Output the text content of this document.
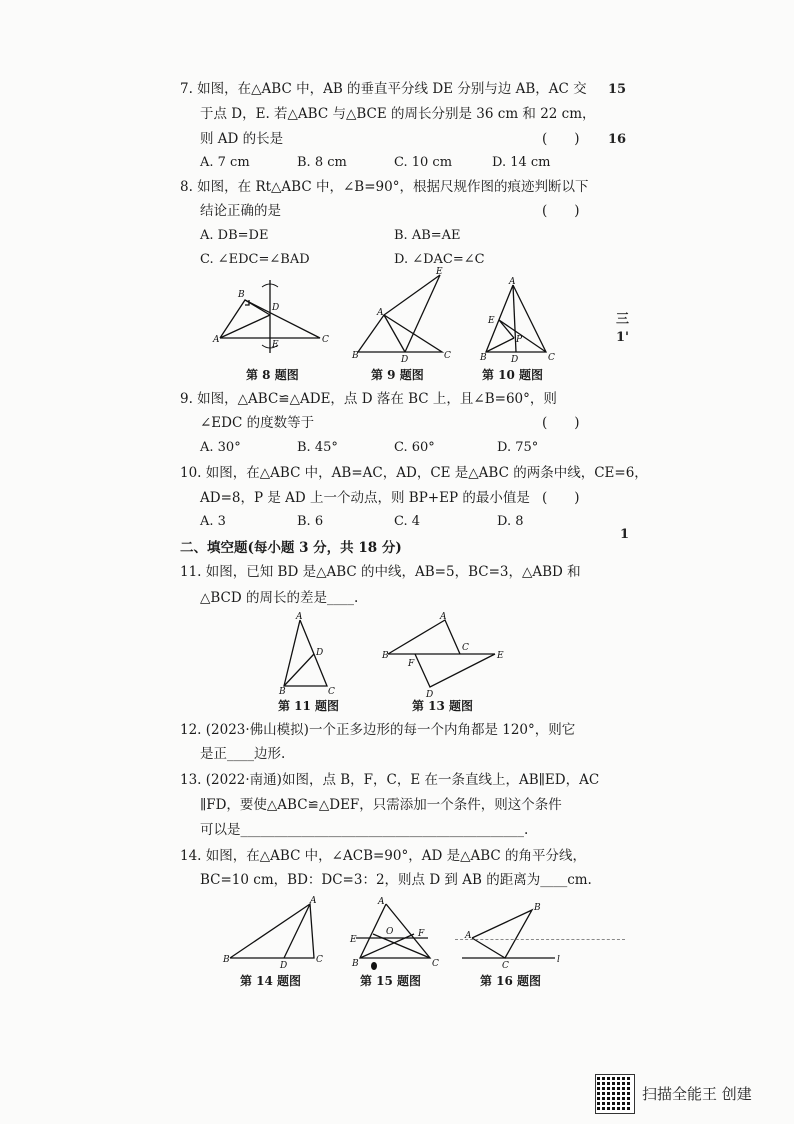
7. 如图，在△ABC 中，AB 的垂直平分线 DE 分别与边 AB，AC 交
于点 D，E. 若△ABC 与△BCE 的周长分别是 36 cm 和 22 cm，
则 AD 的长是	(　　)
A. 7 cm	B. 8 cm	C. 10 cm	D. 14 cm
8. 如图，在 Rt△ABC 中，∠B=90°，根据尺规作图的痕迹判断以下
结论正确的是	(　　)
A. DB=DE	B. AB=AE
C. ∠EDC=∠BAD	D. ∠DAC=∠C
B
D
A	C
E
第 8 题图
A
E
B	D	C
第 9 题图
A
E
P
B	D	C
第 10 题图
9. 如图，△ABC≌△ADE，点 D 落在 BC 上，且∠B=60°，则
∠EDC 的度数等于	(　　)
A. 30°	B. 45°	C. 60°	D. 75°
10. 如图，在△ABC 中，AB=AC，AD，CE 是△ABC 的两条中线，CE=6，
AD=8，P 是 AD 上一个动点，则 BP+EP 的最小值是 (　　)
A. 3	B. 6	C. 4	D. 8
二、填空题(每小题 3 分，共 18 分)
11. 如图，已知 BD 是△ABC 的中线，AB=5，BC=3，△ABD 和
△BCD 的周长的差是____.
A
D
B	C
第 11 题图
A
B
F
C
E
D
第 13 题图
12. (2023·佛山模拟)一个正多边形的每一个内角都是 120°，则它
是正____边形.
13. (2022·南通)如图，点 B，F，C，E 在一条直线上，AB∥ED，AC
∥FD，要使△ABC≌△DEF，只需添加一个条件，则这个条件
可以是__________________________________________.
14. 如图，在△ABC 中，∠ACB=90°，AD 是△ABC 的角平分线，
BC=10 cm，BD：DC=3：2，则点 D 到 AB 的距离为____cm.
A
B
D
C
第 14 题图
A
E
O	F
B	C
第 15 题图
A
B
C
l
第 16 题图
15
16
三
1'
1
扫描全能王 创建
